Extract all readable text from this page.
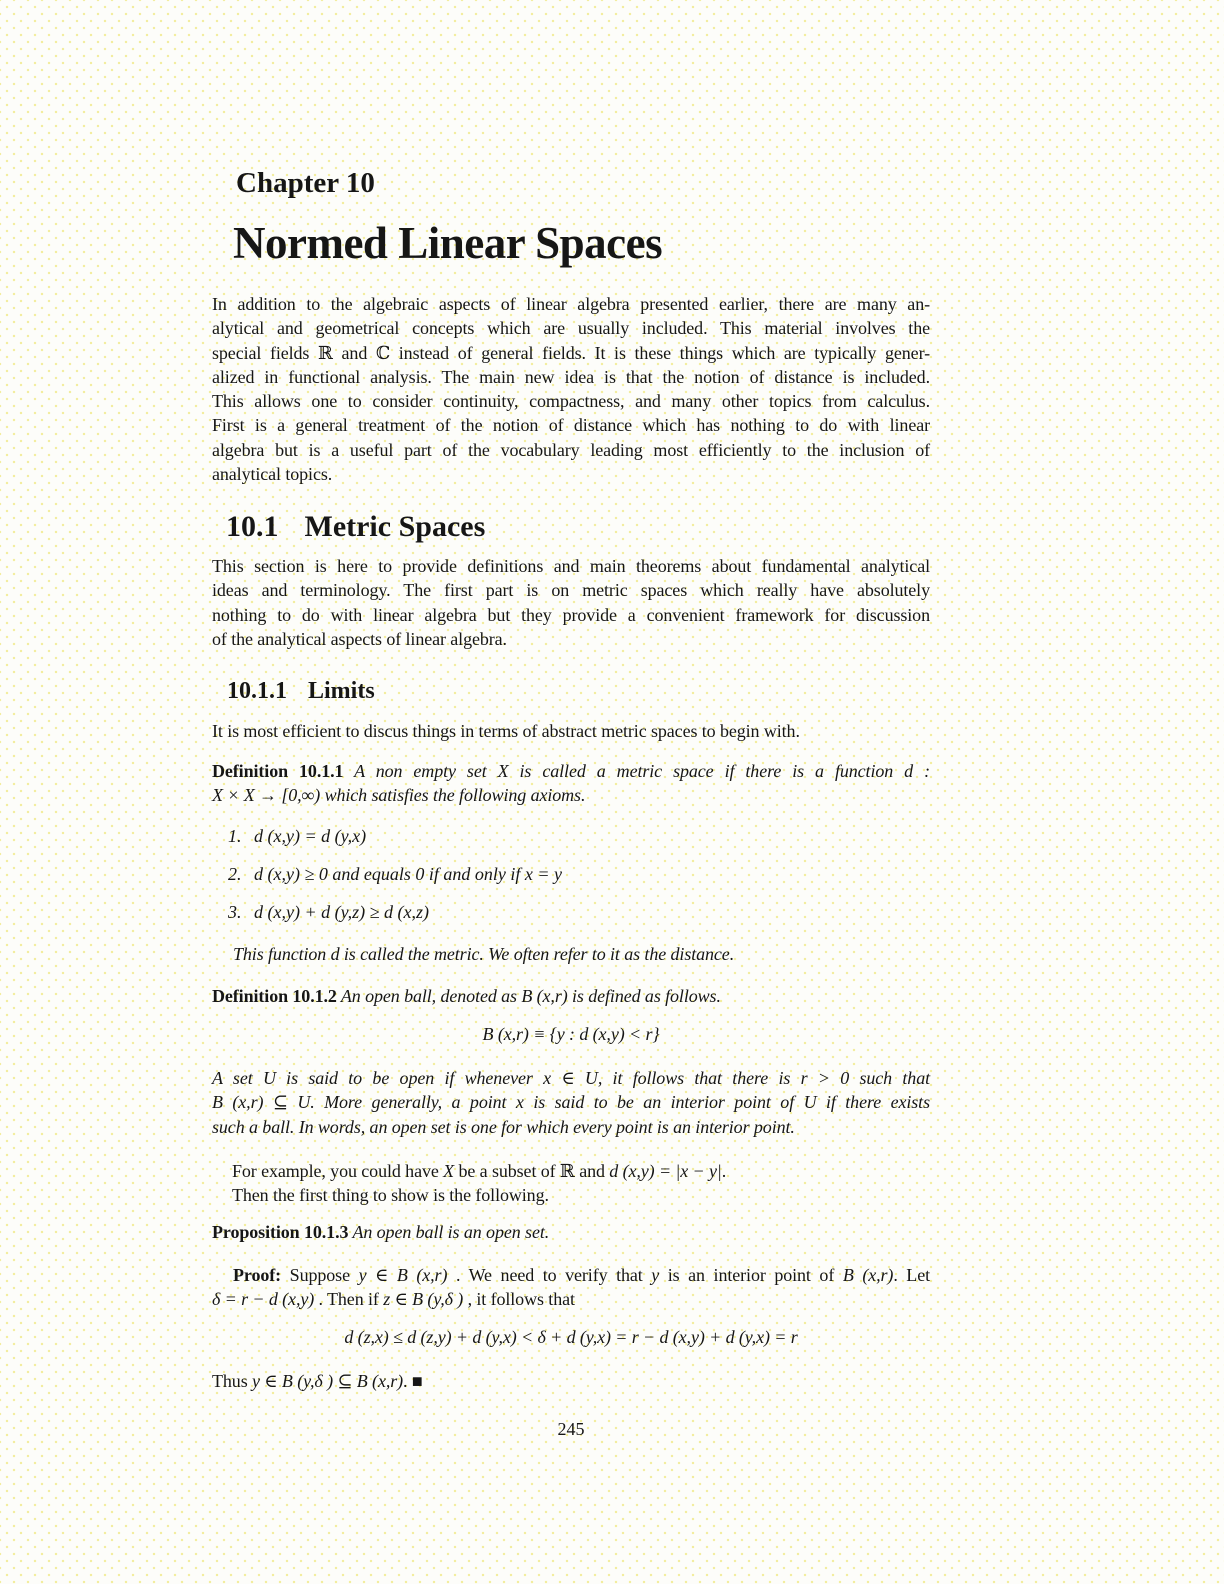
Chapter 10
Normed Linear Spaces
In addition to the algebraic aspects of linear algebra presented earlier, there are many an-
alytical and geometrical concepts which are usually included. This material involves the
special fields ℝ and ℂ instead of general fields. It is these things which are typically gener-
alized in functional analysis. The main new idea is that the notion of distance is included.
This allows one to consider continuity, compactness, and many other topics from calculus.
First is a general treatment of the notion of distance which has nothing to do with linear
algebra but is a useful part of the vocabulary leading most efficiently to the inclusion of
analytical topics.
10.1 Metric Spaces
This section is here to provide definitions and main theorems about fundamental analytical
ideas and terminology. The first part is on metric spaces which really have absolutely
nothing to do with linear algebra but they provide a convenient framework for discussion
of the analytical aspects of linear algebra.
10.1.1 Limits
It is most efficient to discus things in terms of abstract metric spaces to begin with.
Definition 10.1.1 A non empty set X is called a metric space if there is a function d :
X × X → [0,∞) which satisfies the following axioms.
1. d (x,y) = d (y,x)
2. d (x,y) ≥ 0 and equals 0 if and only if x = y
3. d (x,y) + d (y,z) ≥ d (x,z)
This function d is called the metric. We often refer to it as the distance.
Definition 10.1.2 An open ball, denoted as B (x,r) is defined as follows.
B (x,r) ≡ {y : d (x,y) < r}
A set U is said to be open if whenever x ∈ U, it follows that there is r > 0 such that
B (x,r) ⊆ U. More generally, a point x is said to be an interior point of U if there exists
such a ball. In words, an open set is one for which every point is an interior point.
For example, you could have X be a subset of ℝ and d (x,y) = |x − y|.
Then the first thing to show is the following.
Proposition 10.1.3 An open ball is an open set.
Proof: Suppose y ∈ B (x,r) . We need to verify that y is an interior point of B (x,r). Let
δ = r − d (x,y) . Then if z ∈ B (y,δ ) , it follows that
d (z,x) ≤ d (z,y) + d (y,x) < δ + d (y,x) = r − d (x,y) + d (y,x) = r
Thus y ∈ B (y,δ ) ⊆ B (x,r). ■
245
